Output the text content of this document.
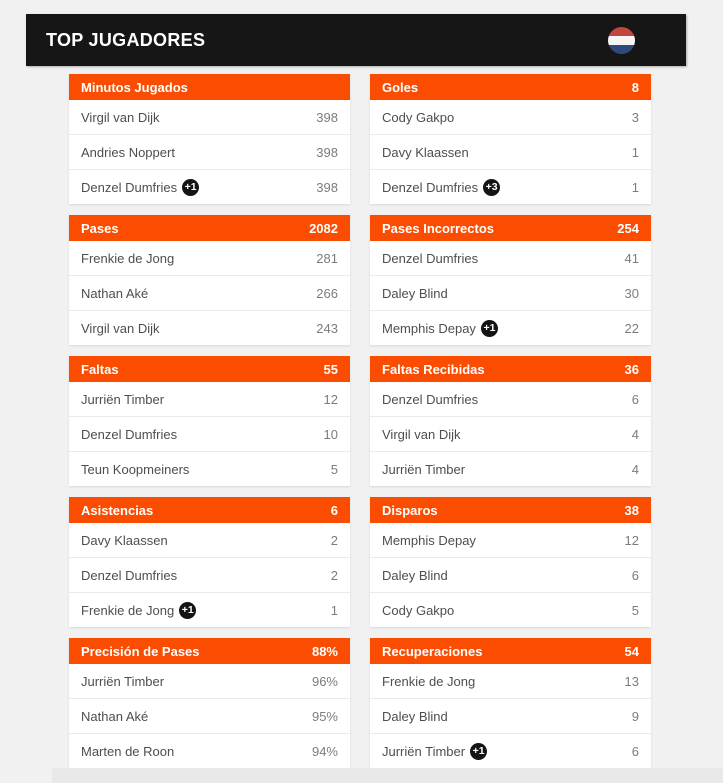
TOP JUGADORES
Minutos Jugados
Virgil van Dijk	398
Andries Noppert	398
Denzel Dumfries +1	398
Goles	8
Cody Gakpo	3
Davy Klaassen	1
Denzel Dumfries +3	1
Pases	2082
Frenkie de Jong	281
Nathan Aké	266
Virgil van Dijk	243
Pases Incorrectos	254
Denzel Dumfries	41
Daley Blind	30
Memphis Depay +1	22
Faltas	55
Jurriën Timber	12
Denzel Dumfries	10
Teun Koopmeiners	5
Faltas Recibidas	36
Denzel Dumfries	6
Virgil van Dijk	4
Jurriën Timber	4
Asistencias	6
Davy Klaassen	2
Denzel Dumfries	2
Frenkie de Jong +1	1
Disparos	38
Memphis Depay	12
Daley Blind	6
Cody Gakpo	5
Precisión de Pases	88%
Jurriën Timber	96%
Nathan Aké	95%
Marten de Roon	94%
Recuperaciones	54
Frenkie de Jong	13
Daley Blind	9
Jurriën Timber +1	6
